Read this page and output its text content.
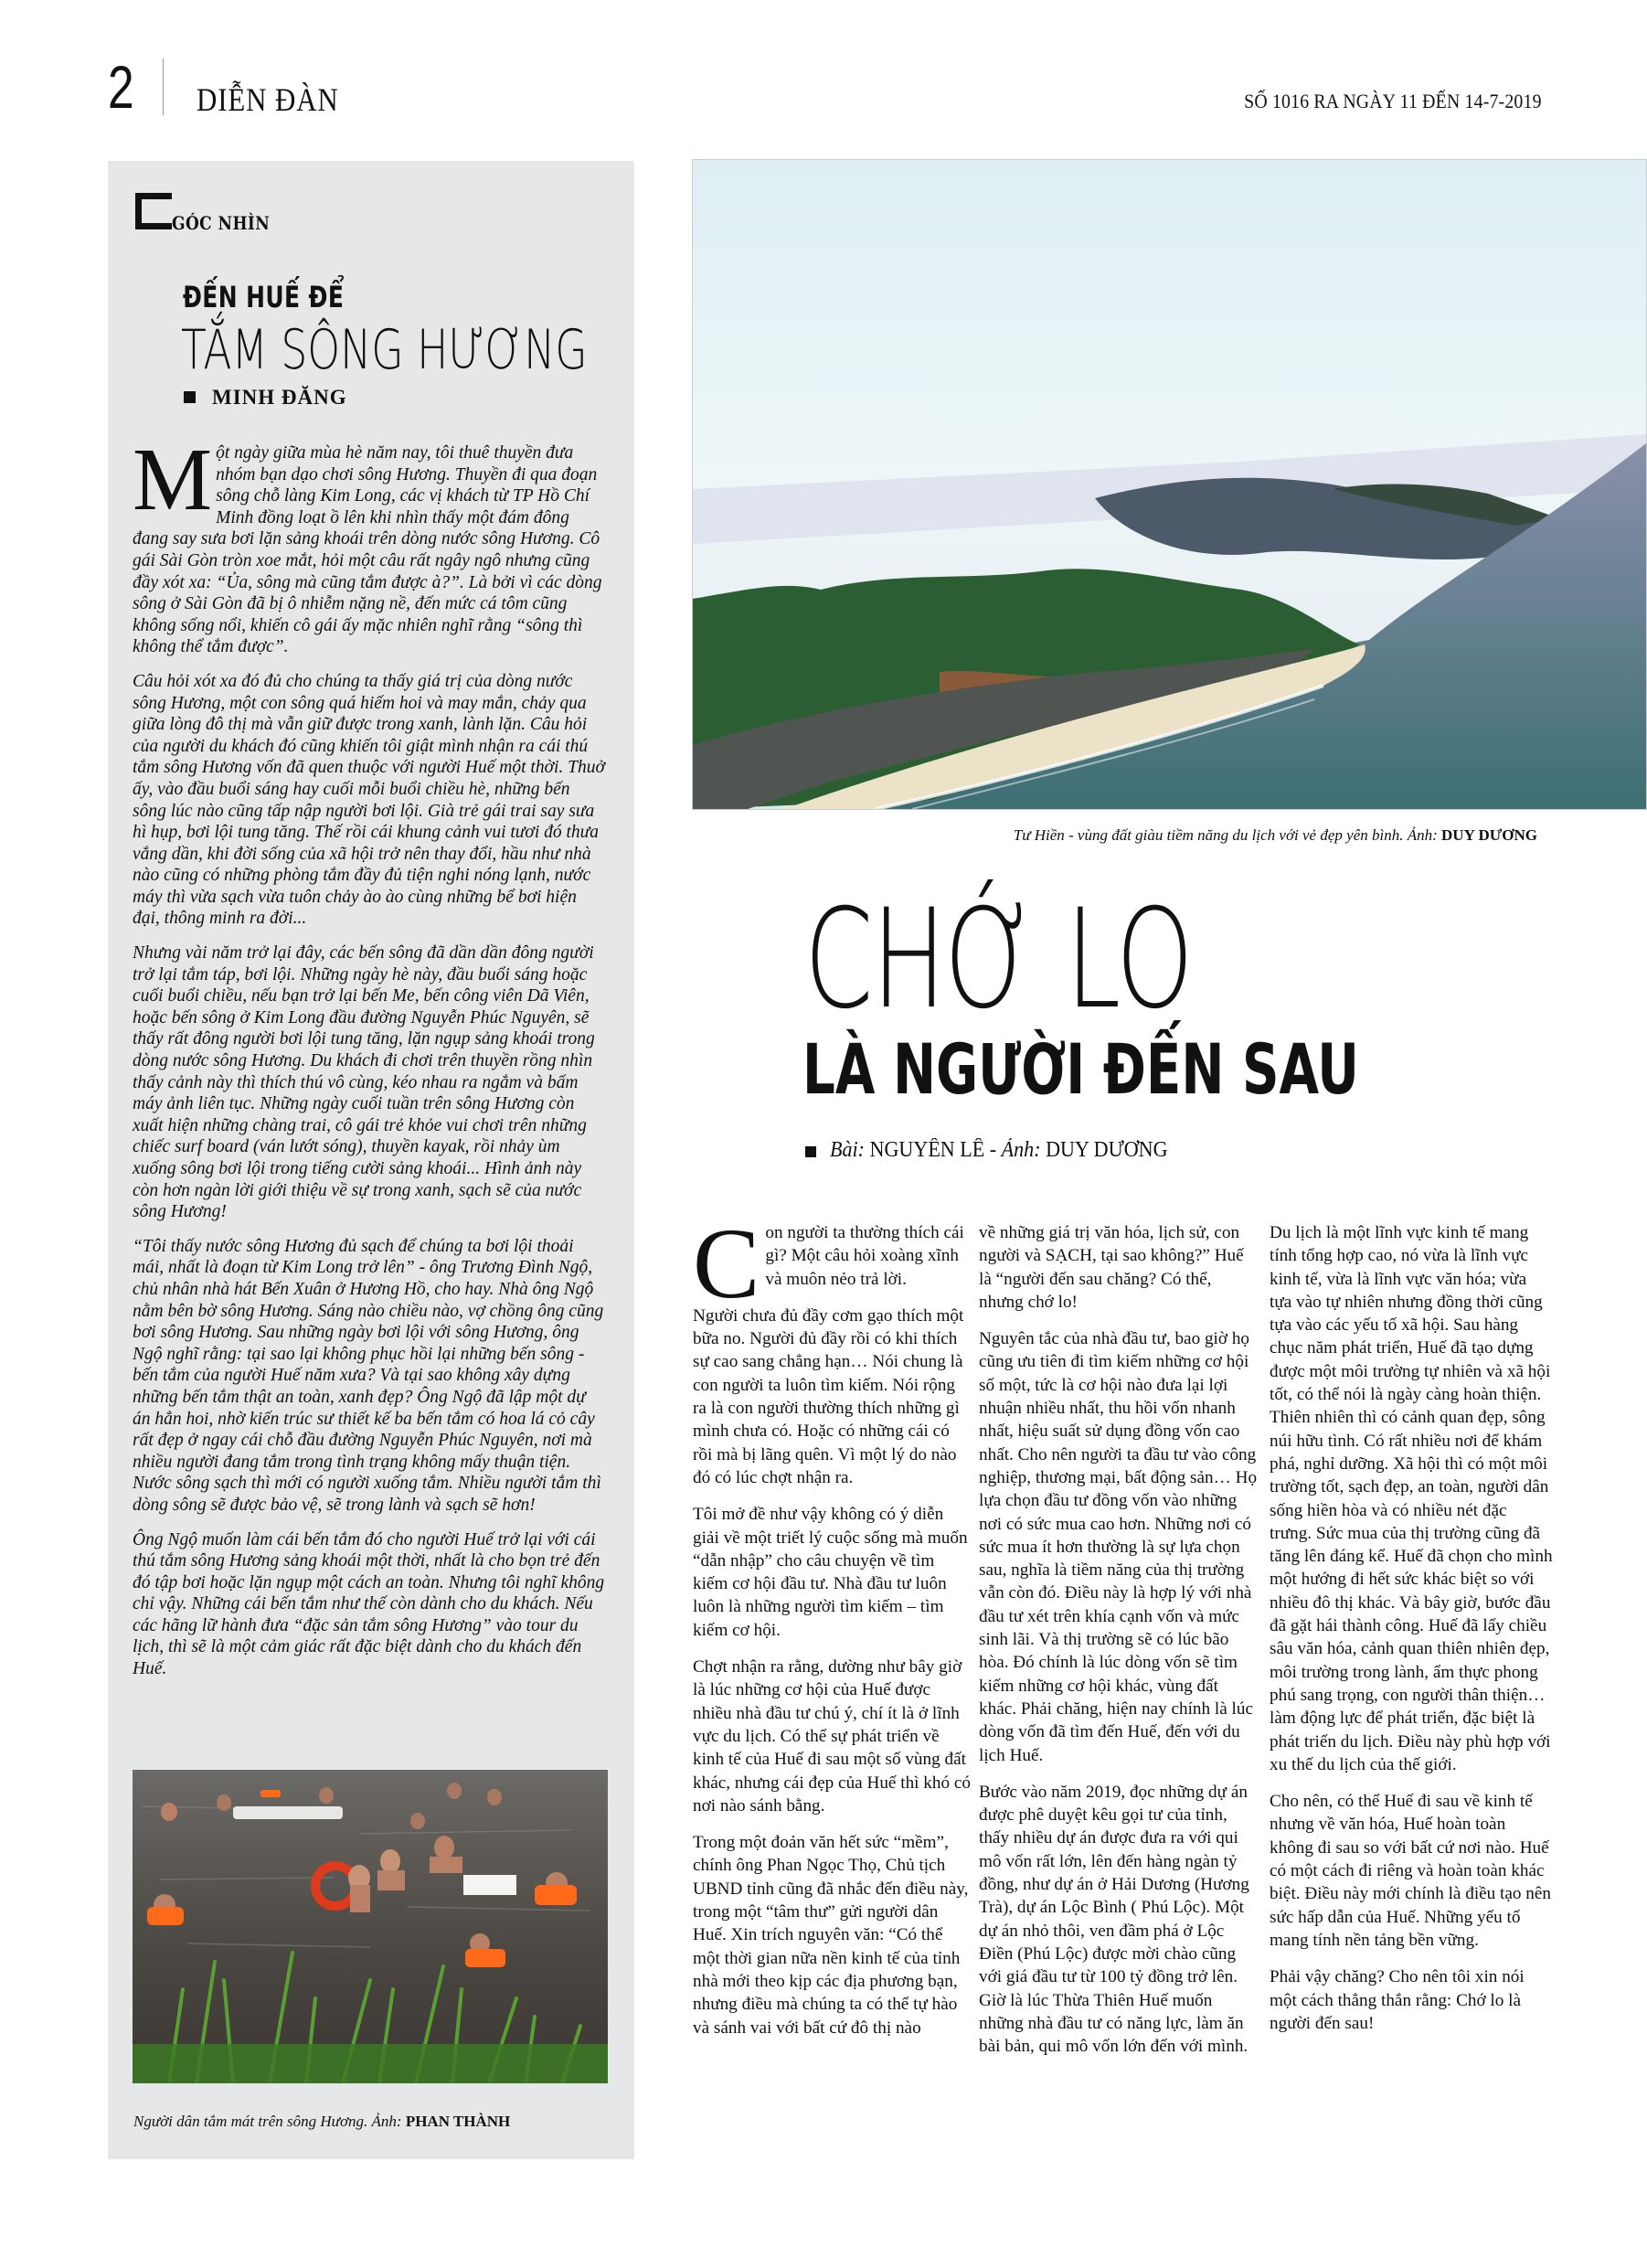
2 DIỄN ĐÀN	SỐ 1016 RA NGÀY 11 ĐẾN 14-7-2019
GÓC NHÌN
ĐẾN HUẾ ĐỂ
TẮM SÔNG HƯƠNG
MINH ĐĂNG

Một ngày giữa mùa hè năm nay, tôi thuê thuyền đưa nhóm bạn dạo chơi sông Hương. Thuyền đi qua đoạn sông chỗ làng Kim Long, các vị khách từ TP Hồ Chí Minh đồng loạt ồ lên khi nhìn thấy một đám đông đang say sưa bơi lặn sảng khoái trên dòng nước sông Hương. Cô gái Sài Gòn tròn xoe mắt, hỏi một câu rất ngây ngô nhưng cũng đầy xót xa: “Ủa, sông mà cũng tắm được à?”. Là bởi vì các dòng sông ở Sài Gòn đã bị ô nhiễm nặng nề, đến mức cá tôm cũng không sống nổi, khiến cô gái ấy mặc nhiên nghĩ rằng “sông thì không thể tắm được”.

Câu hỏi xót xa đó đủ cho chúng ta thấy giá trị của dòng nước sông Hương, một con sông quá hiếm hoi và may mắn, chảy qua giữa lòng đô thị mà vẫn giữ được trong xanh, lành lặn. Câu hỏi của người du khách đó cũng khiến tôi giật mình nhận ra cái thú tắm sông Hương vốn đã quen thuộc với người Huế một thời. Thuở ấy, vào đầu buổi sáng hay cuối mỗi buổi chiều hè, những bến sông lúc nào cũng tấp nập người bơi lội. Già trẻ gái trai say sưa hì hụp, bơi lội tung tăng. Thế rồi cái khung cảnh vui tươi đó thưa vắng dần, khi đời sống của xã hội trở nên thay đổi, hầu như nhà nào cũng có những phòng tắm đầy đủ tiện nghi nóng lạnh, nước máy thì vừa sạch vừa tuôn chảy ào ào cùng những bể bơi hiện đại, thông minh ra đời...

Nhưng vài năm trở lại đây, các bến sông đã dần dần đông người trở lại tắm táp, bơi lội. Những ngày hè này, đầu buổi sáng hoặc cuối buổi chiều, nếu bạn trở lại bến Me, bến công viên Dã Viên, hoặc bến sông ở Kim Long đầu đường Nguyễn Phúc Nguyên, sẽ thấy rất đông người bơi lội tung tăng, lặn ngụp sảng khoái trong dòng nước sông Hương. Du khách đi chơi trên thuyền rồng nhìn thấy cảnh này thì thích thú vô cùng, kéo nhau ra ngắm và bấm máy ảnh liên tục. Những ngày cuối tuần trên sông Hương còn xuất hiện những chàng trai, cô gái trẻ khỏe vui chơi trên những chiếc surf board (ván lướt sóng), thuyền kayak, rồi nhảy ùm xuống sông bơi lội trong tiếng cười sảng khoái... Hình ảnh này còn hơn ngàn lời giới thiệu về sự trong xanh, sạch sẽ của nước sông Hương!

“Tôi thấy nước sông Hương đủ sạch để chúng ta bơi lội thoải mái, nhất là đoạn từ Kim Long trở lên” - ông Trương Đình Ngộ, chủ nhân nhà hát Bến Xuân ở Hương Hồ, cho hay. Nhà ông Ngộ nằm bên bờ sông Hương. Sáng nào chiều nào, vợ chồng ông cũng bơi sông Hương. Sau những ngày bơi lội với sông Hương, ông Ngộ nghĩ rằng: tại sao lại không phục hồi lại những bến sông - bến tắm của người Huế năm xưa? Và tại sao không xây dựng những bến tắm thật an toàn, xanh đẹp? Ông Ngộ đã lập một dự án hẳn hoi, nhờ kiến trúc sư thiết kế ba bến tắm có hoa lá cỏ cây rất đẹp ở ngay cái chỗ đầu đường Nguyễn Phúc Nguyên, nơi mà nhiều người đang tắm trong tình trạng không mấy thuận tiện. Nước sông sạch thì mới có người xuống tắm. Nhiều người tắm thì dòng sông sẽ được bảo vệ, sẽ trong lành và sạch sẽ hơn!

Ông Ngộ muốn làm cái bến tắm đó cho người Huế trở lại với cái thú tắm sông Hương sảng khoái một thời, nhất là cho bọn trẻ đến đó tập bơi hoặc lặn ngụp một cách an toàn. Nhưng tôi nghĩ không chỉ vậy. Những cái bến tắm như thế còn dành cho du khách. Nếu các hãng lữ hành đưa “đặc sản tắm sông Hương” vào tour du lịch, thì sẽ là một cảm giác rất đặc biệt dành cho du khách đến Huế.

Người dân tắm mát trên sông Hương. Ảnh: PHAN THÀNH
Tư Hiền - vùng đất giàu tiềm năng du lịch với vẻ đẹp yên bình. Ảnh: DUY DƯƠNG
CHỚ LO
LÀ NGƯỜI ĐẾN SAU
Bài: NGUYÊN LÊ - Ảnh: DUY DƯƠNG

Con người ta thường thích cái gì? Một câu hỏi xoàng xĩnh và muôn nẻo trả lời.

Người chưa đủ đầy cơm gạo thích một bữa no. Người đủ đầy rồi có khi thích sự cao sang chẳng hạn… Nói chung là con người ta luôn tìm kiếm. Nói rộng ra là con người thường thích những gì mình chưa có. Hoặc có những cái có rồi mà bị lãng quên. Vì một lý do nào đó có lúc chợt nhận ra.

Tôi mở đề như vậy không có ý diễn giải về một triết lý cuộc sống mà muốn “dẫn nhập” cho câu chuyện về tìm kiếm cơ hội đầu tư. Nhà đầu tư luôn luôn là những người tìm kiếm – tìm kiếm cơ hội.

Chợt nhận ra rằng, dường như bây giờ là lúc những cơ hội của Huế được nhiều nhà đầu tư chú ý, chí ít là ở lĩnh vực du lịch. Có thể sự phát triển về kinh tế của Huế đi sau một số vùng đất khác, nhưng cái đẹp của Huế thì khó có nơi nào sánh bằng.

Trong một đoản văn hết sức “mềm”, chính ông Phan Ngọc Thọ, Chủ tịch UBND tỉnh cũng đã nhắc đến điều này, trong một “tâm thư” gửi người dân Huế. Xin trích nguyên văn: “Có thể một thời gian nữa nền kinh tế của tỉnh nhà mới theo kịp các địa phương bạn, nhưng điều mà chúng ta có thể tự hào và sánh vai với bất cứ đô thị nào

về những giá trị văn hóa, lịch sử, con người và SẠCH, tại sao không?” Huế là “người đến sau chăng? Có thể, nhưng chớ lo!

Nguyên tắc của nhà đầu tư, bao giờ họ cũng ưu tiên đi tìm kiếm những cơ hội số một, tức là cơ hội nào đưa lại lợi nhuận nhiều nhất, thu hồi vốn nhanh nhất, hiệu suất sử dụng đồng vốn cao nhất. Cho nên người ta đầu tư vào công nghiệp, thương mại, bất động sản… Họ lựa chọn đầu tư đồng vốn vào những nơi có sức mua cao hơn. Những nơi có sức mua ít hơn thường là sự lựa chọn sau, nghĩa là tiềm năng của thị trường vẫn còn đó. Điều này là hợp lý với nhà đầu tư xét trên khía cạnh vốn và mức sinh lãi. Và thị trường sẽ có lúc bão hòa. Đó chính là lúc dòng vốn sẽ tìm kiếm những cơ hội khác, vùng đất khác. Phải chăng, hiện nay chính là lúc dòng vốn đã tìm đến Huế, đến với du lịch Huế.

Bước vào năm 2019, đọc những dự án được phê duyệt kêu gọi tư của tỉnh, thấy nhiều dự án được đưa ra với qui mô vốn rất lớn, lên đến hàng ngàn tỷ đồng, như dự án ở Hải Dương (Hương Trà), dự án Lộc Bình ( Phú Lộc). Một dự án nhỏ thôi, ven đầm phá ở Lộc Điền (Phú Lộc) được mời chào cũng với giá đầu tư từ 100 tỷ đồng trở lên. Giờ là lúc Thừa Thiên Huế muốn những nhà đầu tư có năng lực, làm ăn bài bản, qui mô vốn lớn đến với mình.

Du lịch là một lĩnh vực kinh tế mang tính tổng hợp cao, nó vừa là lĩnh vực kinh tế, vừa là lĩnh vực văn hóa; vừa tựa vào tự nhiên nhưng đồng thời cũng tựa vào các yếu tố xã hội. Sau hàng chục năm phát triển, Huế đã tạo dựng được một môi trường tự nhiên và xã hội tốt, có thể nói là ngày càng hoàn thiện. Thiên nhiên thì có cảnh quan đẹp, sông núi hữu tình. Có rất nhiều nơi để khám phá, nghỉ dưỡng. Xã hội thì có một môi trường tốt, sạch đẹp, an toàn, người dân sống hiền hòa và có nhiều nét đặc trưng. Sức mua của thị trường cũng đã tăng lên đáng kể. Huế đã chọn cho mình một hướng đi hết sức khác biệt so với nhiều đô thị khác. Và bây giờ, bước đầu đã gặt hái thành công. Huế đã lấy chiều sâu văn hóa, cảnh quan thiên nhiên đẹp, môi trường trong lành, ẩm thực phong phú sang trọng, con người thân thiện… làm động lực để phát triển, đặc biệt là phát triển du lịch. Điều này phù hợp với xu thế du lịch của thế giới.

Cho nên, có thể Huế đi sau về kinh tế nhưng về văn hóa, Huế hoàn toàn không đi sau so với bất cứ nơi nào. Huế có một cách đi riêng và hoàn toàn khác biệt. Điều này mới chính là điều tạo nên sức hấp dẫn của Huế. Những yếu tố mang tính nền tảng bền vững.

Phải vậy chăng? Cho nên tôi xin nói một cách thẳng thắn rằng: Chớ lo là người đến sau!
